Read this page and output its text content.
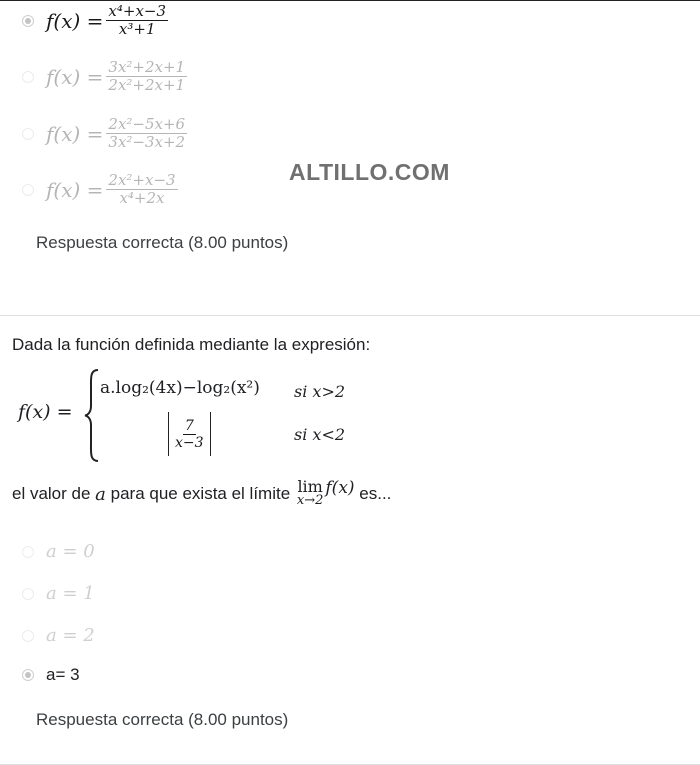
$f(x) = \frac{\text{x⁴+x−3}}{\text{x³+1}}$
$f(x) = \frac{\text{3x²+2x+1}}{\text{2x²+2x+1}}$
$f(x) = \frac{\text{2x²−5x+6}}{\text{3x²−3x+2}}$
$f(x) = \frac{\text{2x²+x−3}}{\text{x⁴+2x}}$	ALTILLO.COM
Respuesta correcta (8.00 puntos)
Dada la función definida mediante la expresión:
f(x) =
a.log₂(4x)−log₂(x²) si x>2
$\frac{7}{x-3}$	si x<2
el valor de a para que exista el límite lim
x→2
f(x) es...
a = 0
a = 1
a = 2
a= 3
Respuesta correcta (8.00 puntos)
